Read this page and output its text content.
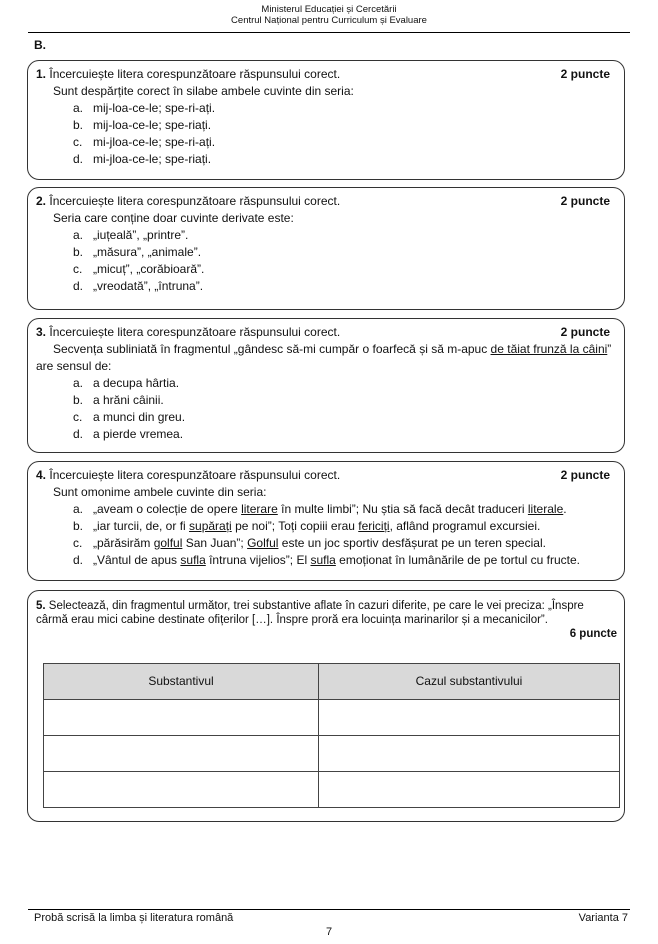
Ministerul Educației și Cercetării
Centrul Național pentru Curriculum și Evaluare
B.
1. Încercuiește litera corespunzătoare răspunsului corect.	2 puncte
Sunt despărțite corect în silabe ambele cuvinte din seria:
a. mij-loa-ce-le; spe-ri-ați.
b. mij-loa-ce-le; spe-riați.
c. mi-jloa-ce-le; spe-ri-ați.
d. mi-jloa-ce-le; spe-riați.
2. Încercuiește litera corespunzătoare răspunsului corect.	2 puncte
Seria care conține doar cuvinte derivate este:
a. „iuțeală”, „printre”.
b. „măsura”, „animale”.
c. „micuț”, „corăbioară”.
d. „vreodată”, „întruna”.
3. Încercuiește litera corespunzătoare răspunsului corect.	2 puncte
Secvența subliniată în fragmentul „gândesc să-mi cumpăr o foarfecă și să m-apuc de tăiat frunză la câini”
are sensul de:
a. a decupa hârtia.
b. a hrăni câinii.
c. a munci din greu.
d. a pierde vremea.
4. Încercuiește litera corespunzătoare răspunsului corect.	2 puncte
Sunt omonime ambele cuvinte din seria:
a. „aveam o colecție de opere literare în multe limbi”; Nu știa să facă decât traduceri literale.
b. „iar turcii, de, or fi supărați pe noi”; Toți copiii erau fericiți, aflând programul excursiei.
c. „părăsirăm golful San Juan”; Golful este un joc sportiv desfășurat pe un teren special.
d. „Vântul de apus sufla întruna vijelios”; El sufla emoționat în lumânările de pe tortul cu fructe.
5. Selectează, din fragmentul următor, trei substantive aflate în cazuri diferite, pe care le vei preciza: „Înspre
cârmă erau mici cabine destinate ofițerilor […]. Înspre proră era locuința marinarilor și a mecanicilor”.
6 puncte
Substantivul	Cazul substantivului

Probă scrisă la limba și literatura română	Varianta 7
7
